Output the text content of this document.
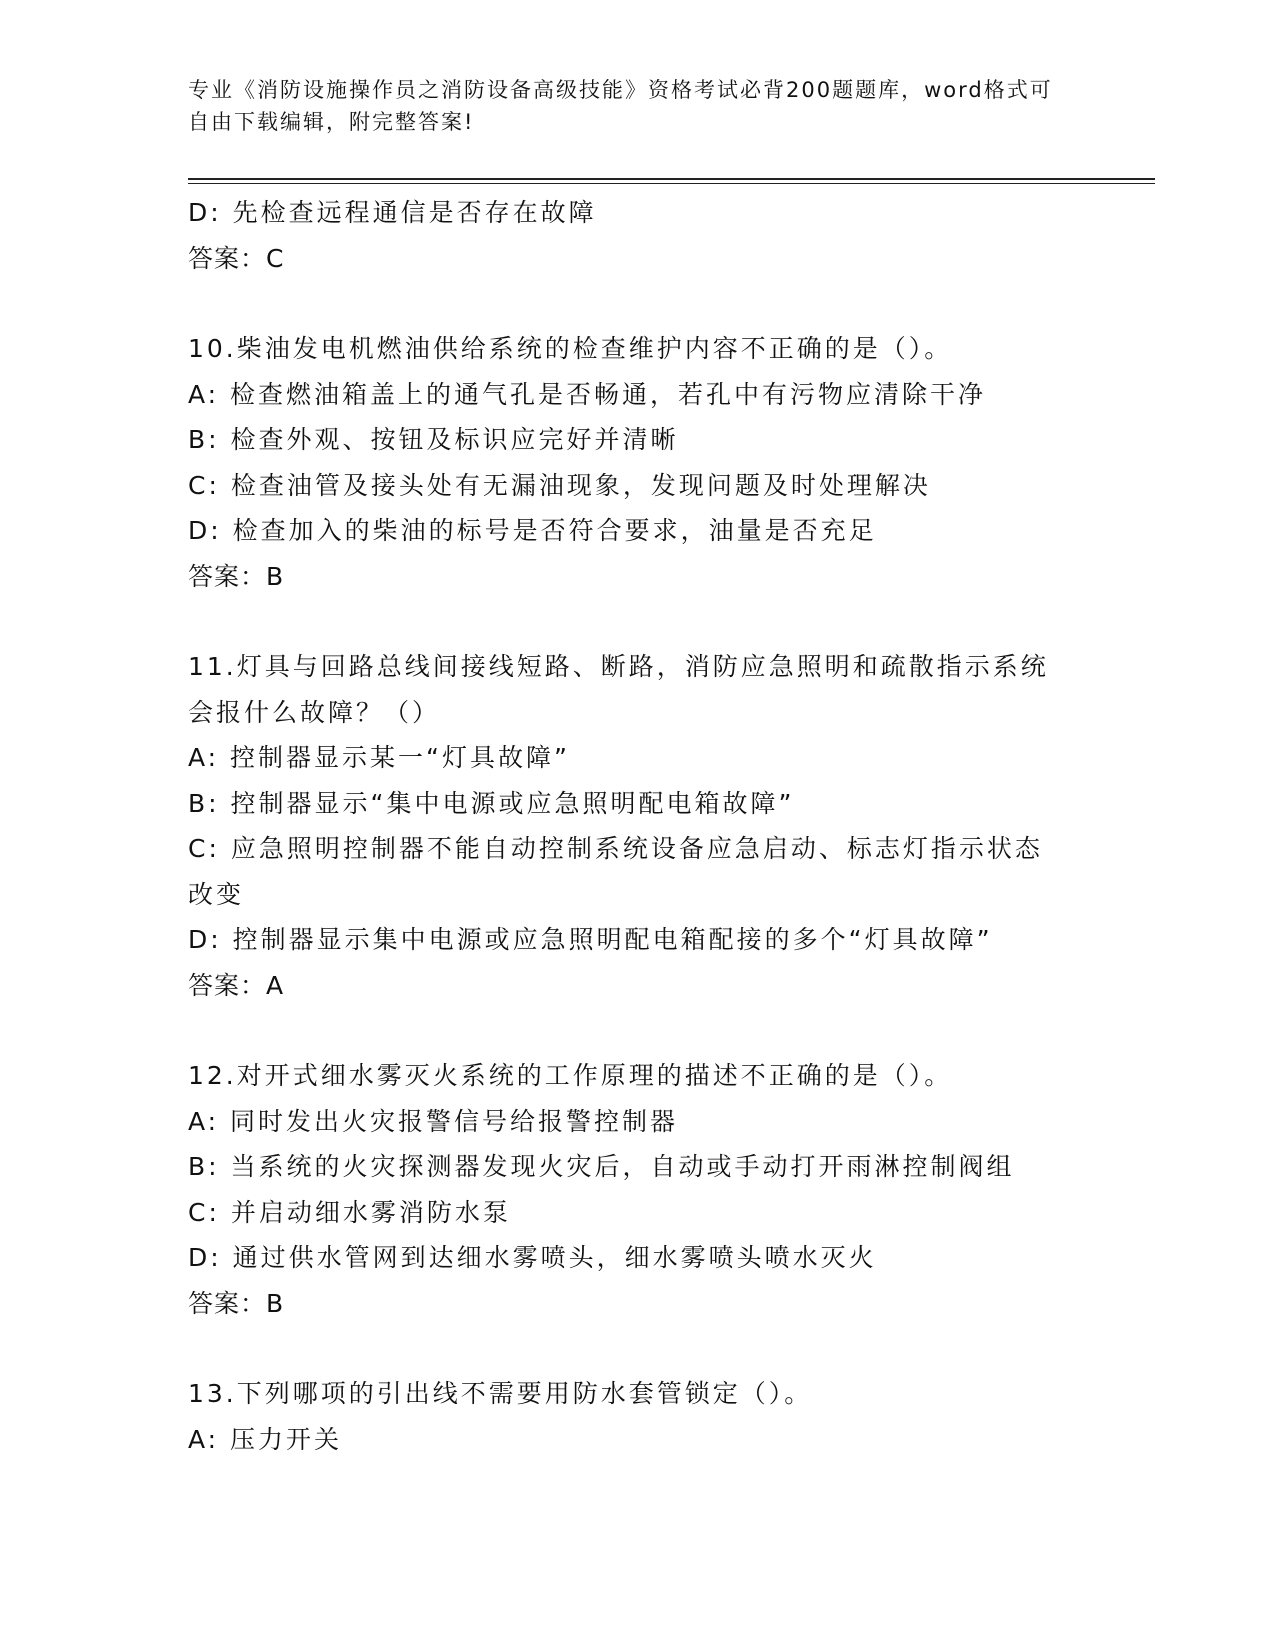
专业《消防设施操作员之消防设备高级技能》资格考试必背200题题库，word格式可自由下载编辑，附完整答案!
D: 先检查远程通信是否存在故障
答案：C
10.柴油发电机燃油供给系统的检查维护内容不正确的是（）。
A: 检查燃油箱盖上的通气孔是否畅通，若孔中有污物应清除干净
B: 检查外观、按钮及标识应完好并清晰
C: 检查油管及接头处有无漏油现象，发现问题及时处理解决
D: 检查加入的柴油的标号是否符合要求，油量是否充足
答案：B
11.灯具与回路总线间接线短路、断路，消防应急照明和疏散指示系统
会报什么故障？（）
A: 控制器显示某一“灯具故障”
B: 控制器显示“集中电源或应急照明配电箱故障”
C: 应急照明控制器不能自动控制系统设备应急启动、标志灯指示状态
改变
D: 控制器显示集中电源或应急照明配电箱配接的多个“灯具故障”
答案：A
12.对开式细水雾灭火系统的工作原理的描述不正确的是（）。
A: 同时发出火灾报警信号给报警控制器
B: 当系统的火灾探测器发现火灾后，自动或手动打开雨淋控制阀组
C: 并启动细水雾消防水泵
D: 通过供水管网到达细水雾喷头，细水雾喷头喷水灭火
答案：B
13.下列哪项的引出线不需要用防水套管锁定（）。
A: 压力开关
